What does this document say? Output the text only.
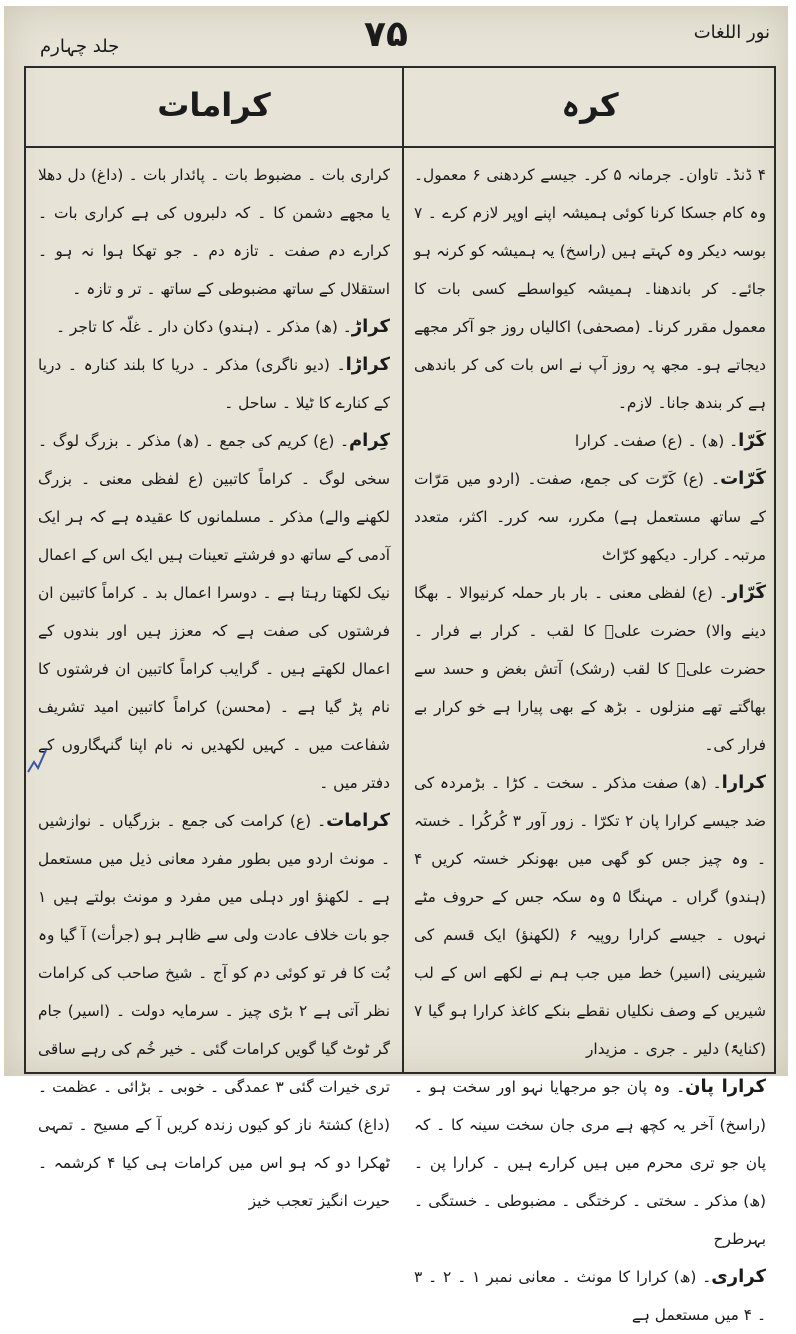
نور اللغات
۷۵
جلد چہارم
کرہ
کرامات

۴ ڈنڈ۔ تاوان۔ جرمانہ ۵ کر۔ جیسے کردھنی ۶ معمول۔ وہ کام جسکا کرنا کوئی ہمیشہ اپنے اوپر لازم کرے ۔ ۷ بوسہ دیکر وہ کہتے ہیں (راسخ) یہ ہمیشہ کو کرنہ ہو جائے۔ کر باندھنا۔ ہمیشہ کیواسطے کسی بات کا معمول مقرر کرنا۔ (مصحفی) اکالیاں روز جو آکر مجھے دیجاتے ہو۔ مجھ پہ روز آپ نے اس بات کی کر باندھی ہے کر بندھ جانا۔ لازم۔

کَرّا۔ (ھ) ۔ (ع) صفت۔ کرارا

کَرّات۔ (ع) کَرّت کی جمع، صفت۔ (اردو میں مَرّات کے ساتھ مستعمل ہے) مکرر، سہ کرر۔ اکثر، متعدد مرتبہ۔ کرار۔ دیکھو کرّاٹ

کَرّار۔ (ع) لفظی معنی ۔ بار بار حملہ کرنیوالا ۔ بھگا دینے والا) حضرت علیؑ کا لقب ۔ کرار بے فرار ۔ حضرت علیؑ کا لقب (رشک) آتش بغض و حسد سے بھاگتے تھے منزلوں ۔ بڑھ کے بھی پیارا ہے خو کرار بے فرار کی۔

کرارا۔ (ھ) صفت مذکر ۔ سخت ۔ کڑا ۔ بڑمردہ کی ضد جیسے کرارا پان ۲ تکرّا ۔ زور آور ۳ کُرکُرا ۔ خستہ ۔ وہ چیز جس کو گھی میں بھونکر خستہ کریں ۴ (ہندو) گراں ۔ مہنگا ۵ وہ سکہ جس کے حروف مٹے نہوں ۔ جیسے کرارا روپیہ ۶ (لکھنؤ) ایک قسم کی شیرینی (اسیر) خط میں جب ہم نے لکھے اس کے لب شیریں کے وصف نکلیاں نقطے بنکے کاغذ کرارا ہو گیا ۷ (کنایۃً) دلیر ۔ جری ۔ مزیدار

کرارا پان۔ وہ پان جو مرجھایا نہو اور سخت ہو ۔ (راسخ) آخر یہ کچھ ہے مری جان سخت سینہ کا ۔ کہ پان جو تری محرم میں ہیں کرارے ہیں ۔ کرارا پن ۔ (ھ) مذکر ۔ سختی ۔ کرختگی ۔ مضبوطی ۔ خستگی ۔ بہرطرح

کراری۔ (ھ) کرارا کا مونث ۔ معانی نمبر ۱ ۔ ۲ ۔ ۳ ۔ ۴ میں مستعمل ہے

کراری بات ۔ مضبوط بات ۔ پائدار بات ۔ (داغ) دل دھلا یا مجھے دشمن کا ۔ کہ دلبروں کی ہے کراری بات ۔ کرارے دم صفت ۔ تازہ دم ۔ جو تھکا ہوا نہ ہو ۔ استقلال کے ساتھ مضبوطی کے ساتھ ۔ تر و تازہ ۔

کراڑ۔ (ھ) مذکر ۔ (ہندو) دکان دار ۔ غلّہ کا تاجر ۔

کراڑا۔ (دیو ناگری) مذکر ۔ دریا کا بلند کنارہ ۔ دریا کے کنارے کا ٹیلا ۔ ساحل ۔

کِرام۔ (ع) کریم کی جمع ۔ (ھ) مذکر ۔ بزرگ لوگ ۔ سخی لوگ ۔ کراماً کاتبین (ع لفظی معنی ۔ بزرگ لکھنے والے) مذکر ۔ مسلمانوں کا عقیدہ ہے کہ ہر ایک آدمی کے ساتھ دو فرشتے تعینات ہیں ایک اس کے اعمال نیک لکھتا رہتا ہے ۔ دوسرا اعمال بد ۔ کراماً کاتبین ان فرشتوں کی صفت ہے کہ معزز ہیں اور بندوں کے اعمال لکھتے ہیں ۔ گرایب کراماً کاتبین ان فرشتوں کا نام پڑ گیا ہے ۔ (محسن) کراماً کاتبین امید تشریف شفاعت میں ۔ کہیں لکھدیں نہ نام اپنا گنہگاروں کے دفتر میں ۔

کرامات۔ (ع) کرامت کی جمع ۔ بزرگیاں ۔ نوازشیں ۔ مونث اردو میں بطور مفرد معانی ذیل میں مستعمل ہے ۔ لکھنؤ اور دہلی میں مفرد و مونث بولتے ہیں ۱ جو بات خلاف عادت ولی سے ظاہر ہو (جرأت) آ گیا وہ بُت کا فر تو کوئی دم کو آج ۔ شیخ صاحب کی کرامات نظر آتی ہے ۲ بڑی چیز ۔ سرمایہ دولت ۔ (اسیر) جام گر ٹوٹ گیا گویں کرامات گئی ۔ خیر خُم کی رہے ساقی تری خیرات گئی ۳ عمدگی ۔ خوبی ۔ بڑائی ۔ عظمت ۔ (داغ) کشتۂ ناز کو کیوں زندہ کریں آ کے مسیح ۔ تمہی ٹھکرا دو کہ ہو اس میں کرامات ہی کیا ۴ کرشمہ ۔ حیرت انگیز تعجب خیز
